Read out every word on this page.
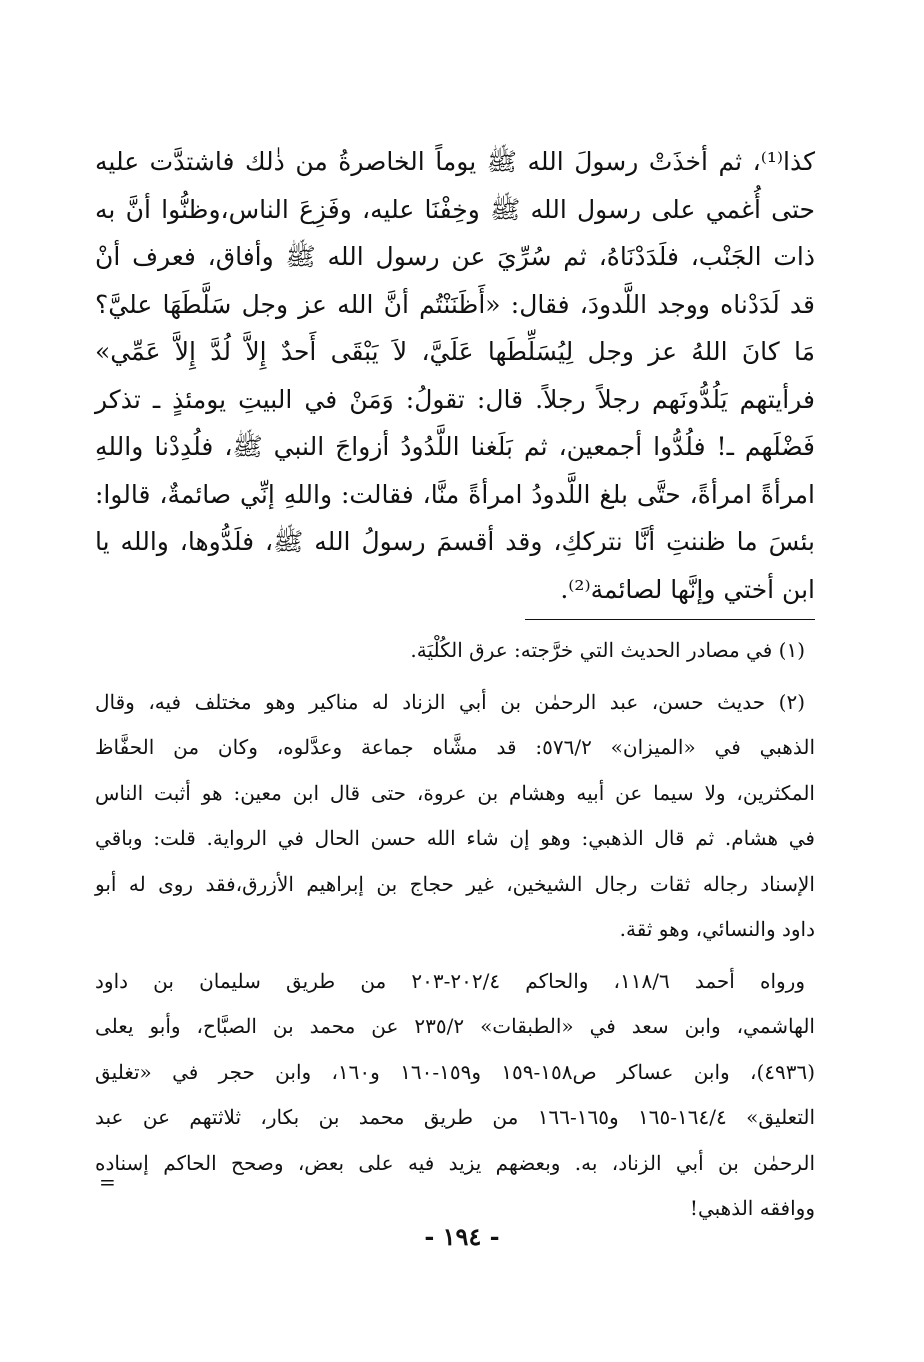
كذا⁽¹⁾، ثم أخذَتْ رسولَ الله ﷺ يوماً الخاصرةُ من ذٰلك فاشتدَّت عليه
حتى أُغمي على رسول الله ﷺ وخِفْنَا عليه، وفَزِعَ الناس،وظنُّوا أنَّ به
ذات الجَنْب، فلَدَدْنَاهُ، ثم سُرِّيَ عن رسول الله ﷺ وأفاق، فعرف أنْ
قد لَدَدْناه ووجد اللَّدودَ، فقال: «أَظَنَنْتُم أنَّ الله عز وجل سَلَّطَهَا عليَّ؟
مَا كانَ اللهُ عز وجل لِيُسَلِّطَها عَلَيَّ، لاَ يَبْقَى أَحدٌ إِلاَّ لُدَّ إِلاَّ عَمِّي»
فرأيتهم يَلُدُّونَهم رجلاً رجلاً. قال: تقولُ: وَمَنْ في البيتِ يومئذٍ ـ تذكر
فَضْلَهم ـ! فلُدُّوا أجمعين، ثم بَلَغنا اللَّدُودُ أزواجَ النبي ﷺ، فلُدِدْنا واللهِ
امرأةً امرأةً، حتَّى بلغ اللَّدودُ امرأةً منَّا، فقالت: واللهِ إنِّي صائمةٌ، قالوا:
بئسَ ما ظننتِ أنَّا نترككِ، وقد أقسمَ رسولُ الله ﷺ، فلَدُّوها، والله يا
ابن أختي وإنَّها لصائمة⁽²⁾.
(١) في مصادر الحديث التي خرَّجته: عرق الكُلْيَة.
(٢) حديث حسن، عبد الرحمٰن بن أبي الزناد له مناكير وهو مختلف فيه، وقال
الذهبي في «الميزان» ٥٧٦/٢: قد مشَّاه جماعة وعدَّلوه، وكان من الحفَّاظ
المكثرين، ولا سيما عن أبيه وهشام بن عروة، حتى قال ابن معين: هو أثبت الناس
في هشام. ثم قال الذهبي: وهو إن شاء الله حسن الحال في الرواية. قلت: وباقي
الإسناد رجاله ثقات رجال الشيخين، غير حجاج بن إبراهيم الأزرق،فقد روى له أبو
داود والنسائي، وهو ثقة.
ورواه أحمد ١١٨/٦، والحاكم ٢٠٢/٤-٢٠٣ من طريق سليمان بن داود
الهاشمي، وابن سعد في «الطبقات» ٢٣٥/٢ عن محمد بن الصبَّاح، وأبو يعلى
(٤٩٣٦)، وابن عساكر ص١٥٨-١٥٩ و١٥٩-١٦٠ و١٦٠، وابن حجر في «تغليق
التعليق» ١٦٤/٤-١٦٥ و١٦٥-١٦٦ من طريق محمد بن بكار، ثلاثتهم عن عبد
الرحمٰن بن أبي الزناد، به. وبعضهم يزيد فيه على بعض، وصحح الحاكم إسناده
ووافقه الذهبي!
=
- ١٩٤ -
